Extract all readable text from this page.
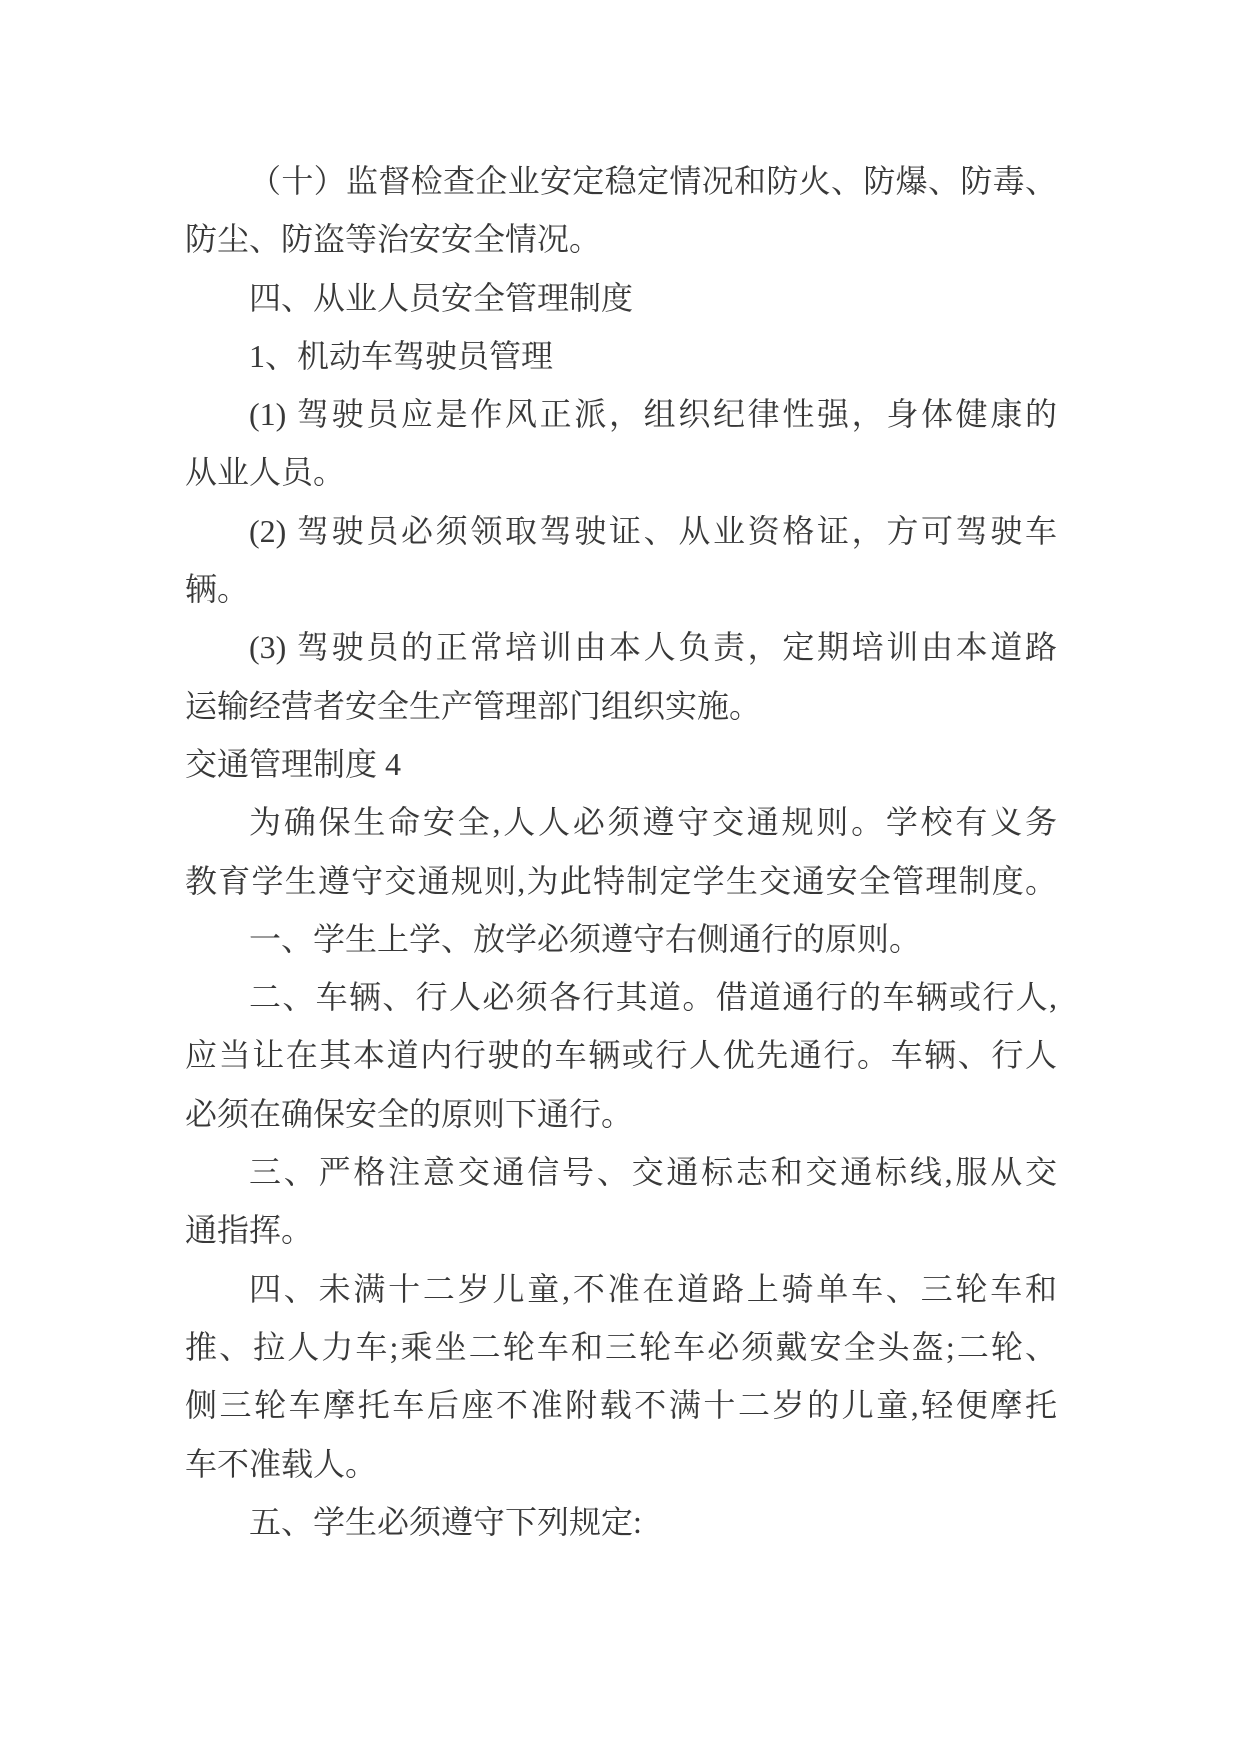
（十）监督检查企业安定稳定情况和防火、防爆、防毒、
防尘、防盗等治安安全情况。
四、从业人员安全管理制度
1、机动车驾驶员管理
(1) 驾驶员应是作风正派，组织纪律性强，身体健康的
从业人员。
(2) 驾驶员必须领取驾驶证、从业资格证，方可驾驶车
辆。
(3) 驾驶员的正常培训由本人负责，定期培训由本道路
运输经营者安全生产管理部门组织实施。
交通管理制度 4
为确保生命安全,人人必须遵守交通规则。学校有义务
教育学生遵守交通规则,为此特制定学生交通安全管理制度。
一、学生上学、放学必须遵守右侧通行的原则。
二、车辆、行人必须各行其道。借道通行的车辆或行人,
应当让在其本道内行驶的车辆或行人优先通行。车辆、行人
必须在确保安全的原则下通行。
三、严格注意交通信号、交通标志和交通标线,服从交
通指挥。
四、未满十二岁儿童,不准在道路上骑单车、三轮车和
推、拉人力车;乘坐二轮车和三轮车必须戴安全头盔;二轮、
侧三轮车摩托车后座不准附载不满十二岁的儿童,轻便摩托
车不准载人。
五、学生必须遵守下列规定:
